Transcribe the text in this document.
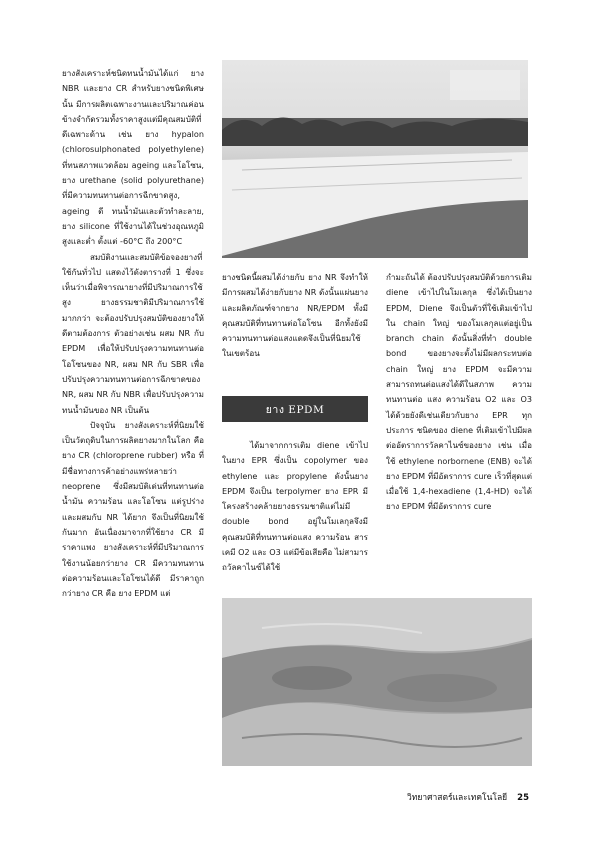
ยางสังเคราะห์ชนิดทนน้ำมันได้แก่ ยาง NBR และยาง CR สำหรับยางชนิดพิเศษนั้น มีการผลิตเฉพาะงานและปริมาณค่อนข้างจำกัดรวมทั้งราคาสูงแต่มีคุณสมบัติที่ดีเฉพาะด้าน เช่น ยาง hypalon (chlorosulphonated polyethylene) ที่ทนสภาพแวดล้อม ageing และโอโซน, ยาง urethane (solid polyurethane) ที่มีความทนทานต่อการฉีกขาดสูง, ageing ดี ทนน้ำมันและตัวทำละลาย, ยาง silicone ที่ใช้งานได้ในช่วงอุณหภูมิสูงและต่ำ ตั้งแต่ -60°C ถึง 200°C

สมบัติงานและสมบัติข้อจองยางที่ใช้กันทั่วไป แสดงไว้ดังตารางที่ 1 ซึ่งจะเห็นว่าเมื่อพิจารณายางที่มีปริมาณการใช้สูง ยางธรรมชาติมีปริมาณการใช้มากกว่า จะต้องปรับปรุงสมบัติของยางให้ดีตามต้องการ ตัวอย่างเช่น ผสม NR กับ EPDM เพื่อให้ปรับปรุงความทนทานต่อโอโซนของ NR, ผสม NR กับ SBR เพื่อปรับปรุงความทนทานต่อการฉีกขาดของ NR, ผสม NR กับ NBR เพื่อปรับปรุงความทนน้ำมันของ NR เป็นต้น

ปัจจุบัน ยางสังเคราะห์ที่นิยมใช้เป็นวัตถุดิบในการผลิตยางมากในโลก คือ ยาง CR (chloroprene rubber) หรือ ที่มีชื่อทางการค้าอย่างแพร่หลายว่า neoprene ซึ่งมีสมบัติเด่นที่ทนทานต่อน้ำมัน ความร้อน และโอโซน แต่รูปร่างและผสมกับ NR ได้ยาก จึงเป็นที่นิยมใช้กันมาก อันเนื่องมาจากที่ใช้ยาง CR มีราคาแพง ยางสังเคราะห์ที่มีปริมาณการใช้งานน้อยกว่ายาง CR มีความทนทานต่อความร้อนและโอโซนได้ดี มีราคาถูกกว่ายาง CR คือ ยาง EPDM แต่

ยางชนิดนี้ผสมได้ง่ายกับ ยาง NR จึงทำให้มีการผสมได้ง่ายกับยาง NR ดังนั้นแผ่นยางและผลิตภัณฑ์จากยาง NR/EPDM ทั้งมีคุณสมบัติที่ทนทานต่อโอโซน อีกทั้งยังมีความทนทานต่อแสงแดดจึงเป็นที่นิยมใช้ในเขตร้อน

ยาง EPDM

ได้มาจากการเติม diene เข้าไปในยาง EPR ซึ่งเป็น copolymer ของ ethylene และ propylene ดังนั้นยาง EPDM จึงเป็น terpolymer ยาง EPR มีโครงสร้างคล้ายยางธรรมชาติแต่ไม่มี double bond อยู่ในโมเลกุลจึงมีคุณสมบัติที่ทนทานต่อแสง ความร้อน สารเคมี O2 และ O3 แต่มีข้อเสียคือ ไม่สามารถวัลคาไนซ์ได้ใช้

กำมะถันได้ ต้องปรับปรุงสมบัติด้วยการเติม diene เข้าไปในโมเลกุล ซึ่งได้เป็นยาง EPDM, Diene จึงเป็นตัวที่ใช้เติมเข้าไปใน chain ใหญ่ ของโมเลกุลแต่อยู่เป็น branch chain ดังนั้นสิ่งที่ทำ double bond ของยางจะตั้งไม่มีผลกระทบต่อ chain ใหญ่ ยาง EPDM จะมีความสามารถทนต่อแสงได้ดีในสภาพ ความทนทานต่อ แสง ความร้อน O2 และ O3 ได้ด้วยยังดีเช่นเดียวกับยาง EPR ทุกประการ ชนิดของ diene ที่เติมเข้าไปมีผลต่ออัตราการวัลคาไนซ์ของยาง เช่น เมื่อใช้ ethylene norbornene (ENB) จะได้ยาง EPDM ที่มีอัตราการ cure เร็วที่สุดแต่เมื่อใช้ 1,4-hexadiene (1,4-HD) จะได้ยาง EPDM ที่มีอัตราการ cure

วิทยาศาสตร์และเทคโนโลยี 25
